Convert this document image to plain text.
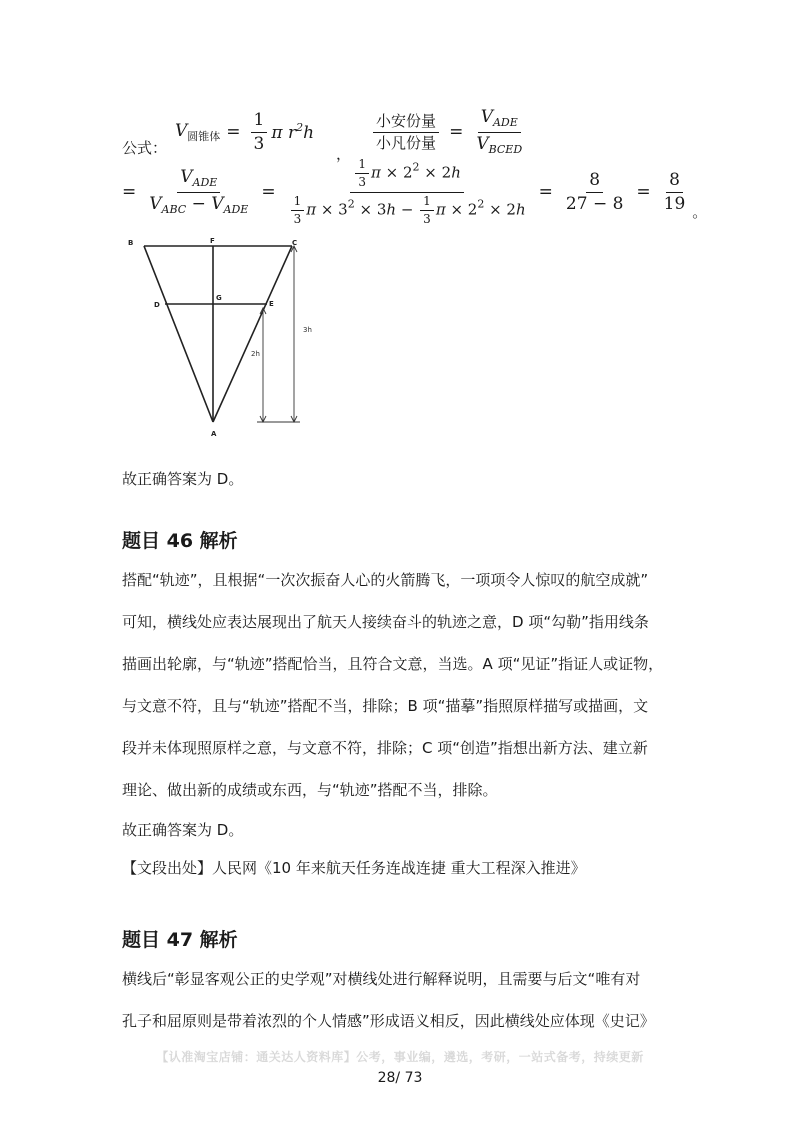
公式：
$V_{圆锥体} = \frac{1}{3}$ π $r^2h$
，
$\frac{\text{小安份量}}{\text{小凡份量}} = \frac{V_{ADE}}{V_{BCED}}$
= $\frac{V_{ADE}}{V_{ABC} - V_{ADE}} = \frac{\frac{1}{3} \pi \times 2^2 \times 2h}{\frac{1}{3} \pi \times 3^2 \times 3h - \frac{1}{3} \pi \times 2^2 \times 2h} = \frac{8}{27 - 8} = \frac{8}{19}$ 。
B	F	C
D
G
E
A
2h
3h
故正确答案为 D。
题目 46 解析
搭配“轨迹”，且根据“一次次振奋人心的火箭腾飞，一项项令人惊叹的航空成就”
可知，横线处应表达展现出了航天人接续奋斗的轨迹之意，D 项“勾勒”指用线条
描画出轮廓，与“轨迹”搭配恰当，且符合文意，当选。A 项“见证”指证人或证物，
与文意不符，且与“轨迹”搭配不当，排除；B 项“描摹”指照原样描写或描画，文
段并未体现照原样之意，与文意不符，排除；C 项“创造”指想出新方法、建立新
理论、做出新的成绩或东西，与“轨迹”搭配不当，排除。
故正确答案为 D。
【文段出处】人民网《10 年来航天任务连战连捷 重大工程深入推进》
题目 47 解析
横线后“彰显客观公正的史学观”对横线处进行解释说明，且需要与后文“唯有对
孔子和屈原则是带着浓烈的个人情感”形成语义相反，因此横线处应体现《史记》
【认准淘宝店铺：通关达人资料库】公考，事业编，遴选，考研，一站式备考，持续更新
28/ 73
